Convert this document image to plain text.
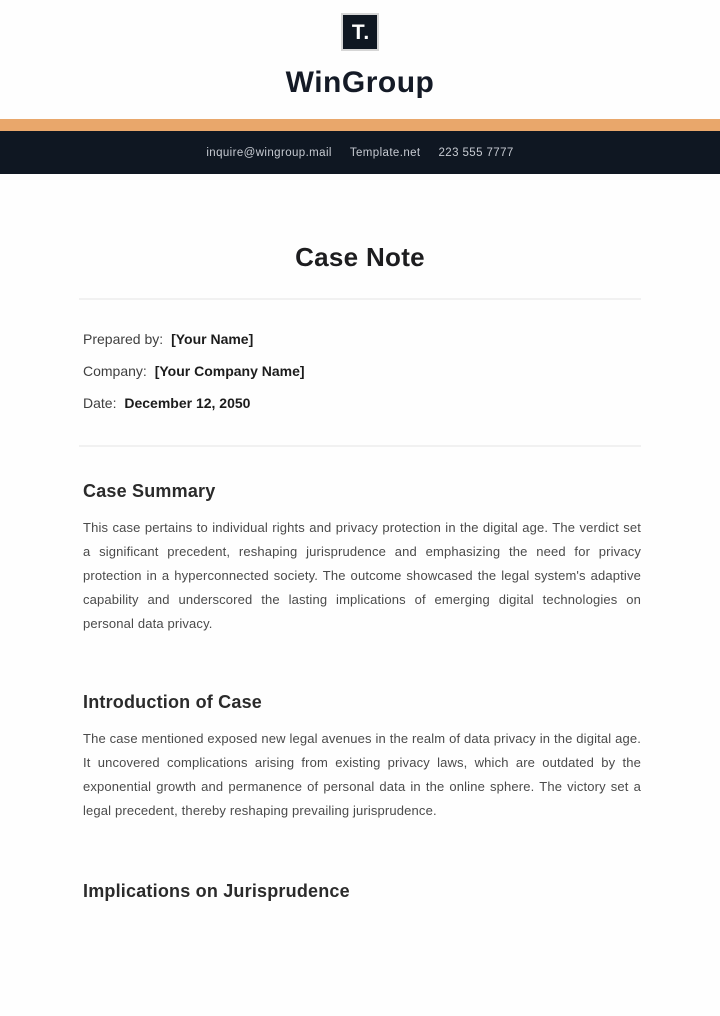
T.
WinGroup
inquire@wingroup.mail Template.net 223 555 7777
Case Note

Prepared by: [Your Name]

Company: [Your Company Name]

Date: December 12, 2050

Case Summary

This case pertains to individual rights and privacy protection in the digital age. The verdict set a significant precedent, reshaping jurisprudence and emphasizing the need for privacy protection in a hyperconnected society. The outcome showcased the legal system's adaptive capability and underscored the lasting implications of emerging digital technologies on personal data privacy.

Introduction of Case

The case mentioned exposed new legal avenues in the realm of data privacy in the digital age. It uncovered complications arising from existing privacy laws, which are outdated by the exponential growth and permanence of personal data in the online sphere. The victory set a legal precedent, thereby reshaping prevailing jurisprudence.

Implications on Jurisprudence
